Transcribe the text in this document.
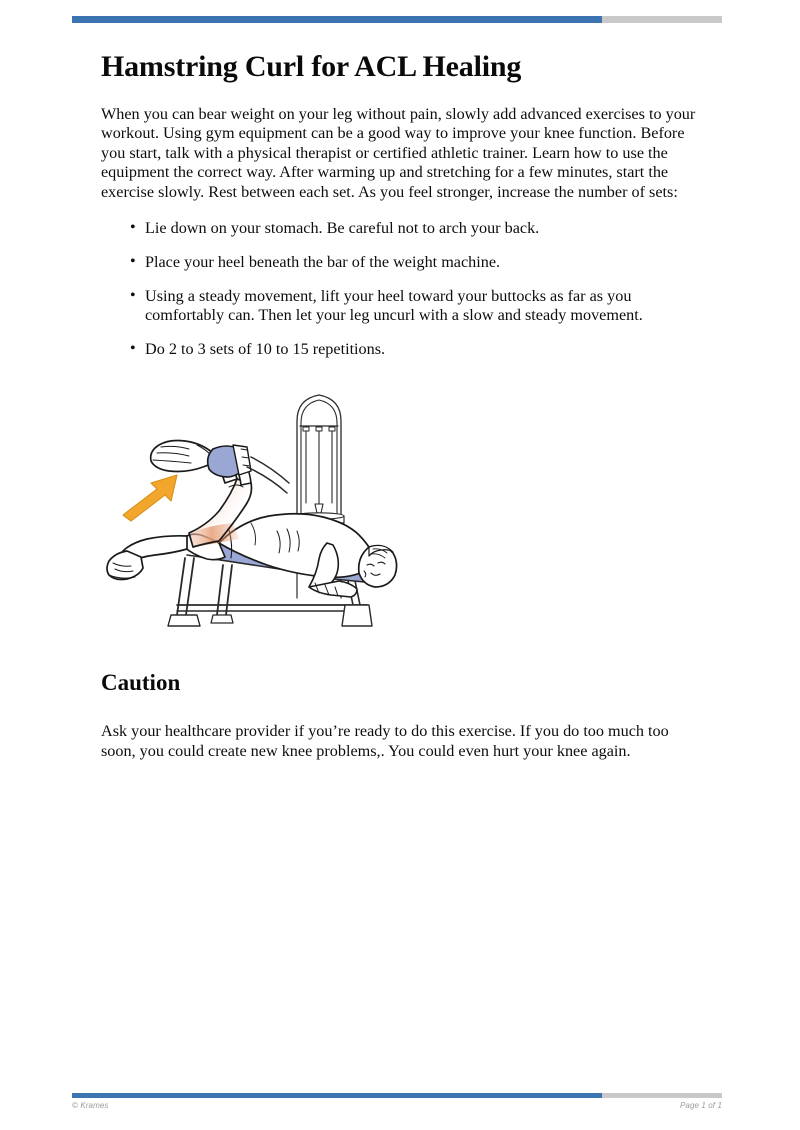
Hamstring Curl for ACL Healing

When you can bear weight on your leg without pain, slowly add advanced exercises to your workout. Using gym equipment can be a good way to improve your knee function. Before you start, talk with a physical therapist or certified athletic trainer. Learn how to use the equipment the correct way. After warming up and stretching for a few minutes, start the exercise slowly. Rest between each set. As you feel stronger, increase the number of sets:

• Lie down on your stomach. Be careful not to arch your back.
• Place your heel beneath the bar of the weight machine.
• Using a steady movement, lift your heel toward your buttocks as far as you comfortably can. Then let your leg uncurl with a slow and steady movement.
• Do 2 to 3 sets of 10 to 15 repetitions.
Caution

Ask your healthcare provider if you’re ready to do this exercise. If you do too much too soon, you could create new knee problems,. You could even hurt your knee again.

© Krames	Page 1 of 1
